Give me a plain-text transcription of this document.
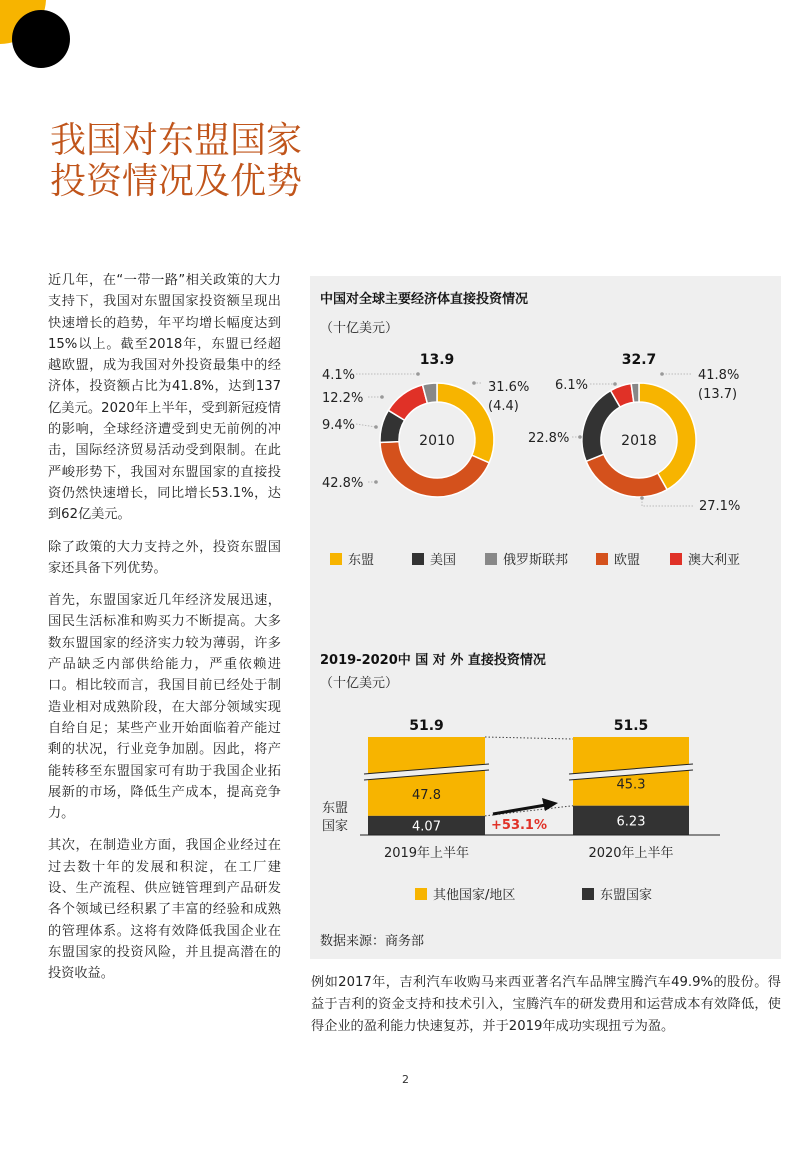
我国对东盟国家投资情况及优势

近几年，在“一带一路”相关政策的大力支持下，我国对东盟国家投资额呈现出快速增长的趋势，年平均增长幅度达到15%以上。截至2018年，东盟已经超越欧盟，成为我国对外投资最集中的经济体，投资额占比为41.8%，达到137亿美元。2020年上半年，受到新冠疫情的影响，全球经济遭受到史无前例的冲击，国际经济贸易活动受到限制。在此严峻形势下，我国对东盟国家的直接投资仍然快速增长，同比增长53.1%，达到62亿美元。

除了政策的大力支持之外，投资东盟国家还具备下列优势。

首先，东盟国家近几年经济发展迅速，国民生活标准和购买力不断提高。大多数东盟国家的经济实力较为薄弱，许多产品缺乏内部供给能力，严重依赖进口。相比较而言，我国目前已经处于制造业相对成熟阶段，在大部分领域实现自给自足；某些产业开始面临着产能过剩的状况，行业竞争加剧。因此，将产能转移至东盟国家可有助于我国企业拓展新的市场，降低生产成本，提高竞争力。

其次，在制造业方面，我国企业经过在过去数十年的发展和积淀，在工厂建设、生产流程、供应链管理到产品研发各个领域已经积累了丰富的经验和成熟的管理体系。这将有效降低我国企业在东盟国家的投资风险，并且提高潜在的投资收益。

中国对全球主要经济体直接投资情况
（十亿美元）
31.6%
(4.4)
42.8%
9.4%
12.2%
4.1%
2010
13.9
41.8%
(13.7)
27.1%
22.8%
6.1%
2018
32.7
东盟	美国	俄罗斯联邦	欧盟	澳大利亚
2019-2020中 国 对 外 直接投资情况
（十亿美元）
4.07
47.8
51.9
2019年上半年
6.23
45.3
51.5
2020年上半年
+53.1%
东盟
国家
其他国家/地区	东盟国家
数据来源：商务部

例如2017年，吉利汽车收购马来西亚著名汽车品牌宝腾汽车49.9%的股份。得益于吉利的资金支持和技术引入，宝腾汽车的研发费用和运营成本有效降低，使得企业的盈利能力快速复苏，并于2019年成功实现扭亏为盈。

2
